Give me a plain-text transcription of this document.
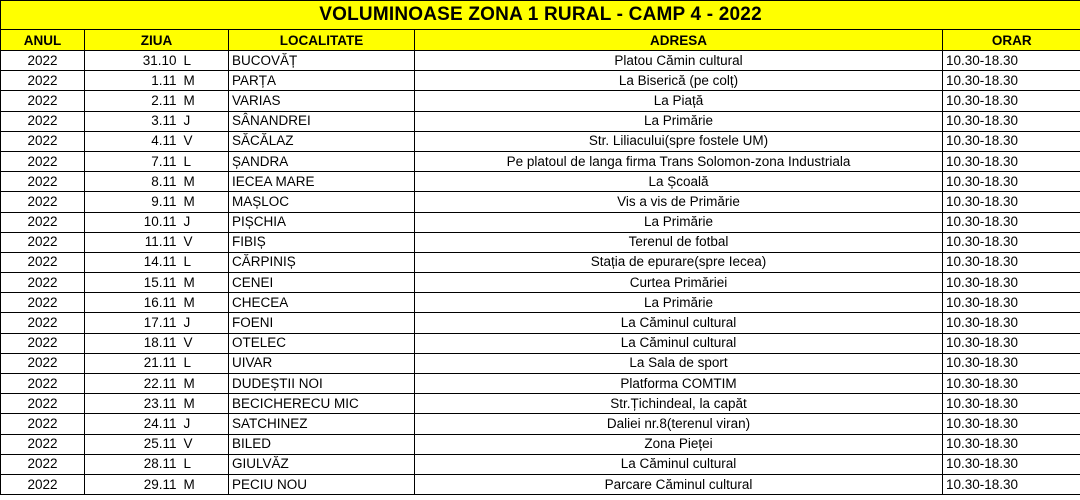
VOLUMINOASE ZONA 1 RURAL - CAMP 4 - 2022					
ANUL	ZIUA		LOCALITATE	ADRESA	ORAR
2022	31.10	L	BUCOVĂȚ	Platou Cămin cultural	10.30-18.30
2022	1.11	M	PARȚA	La Biserică (pe colț)	10.30-18.30
2022	2.11	M	VARIAS	La Piață	10.30-18.30
2022	3.11	J	SÂNANDREI	La Primărie	10.30-18.30
2022	4.11	V	SĂCĂLAZ	Str. Liliacului(spre fostele UM)	10.30-18.30
2022	7.11	L	ȘANDRA	Pe platoul de langa firma Trans Solomon-zona Industriala	10.30-18.30
2022	8.11	M	IECEA MARE	La Școală	10.30-18.30
2022	9.11	M	MAȘLOC	Vis a vis de Primărie	10.30-18.30
2022	10.11	J	PIȘCHIA	La Primărie	10.30-18.30
2022	11.11	V	FIBIȘ	Terenul de fotbal	10.30-18.30
2022	14.11	L	CĂRPINIȘ	Stația de epurare(spre Iecea)	10.30-18.30
2022	15.11	M	CENEI	Curtea Primăriei	10.30-18.30
2022	16.11	M	CHECEA	La Primărie	10.30-18.30
2022	17.11	J	FOENI	La Căminul cultural	10.30-18.30
2022	18.11	V	OTELEC	La Căminul cultural	10.30-18.30
2022	21.11	L	UIVAR	La Sala de sport	10.30-18.30
2022	22.11	M	DUDEȘTII NOI	Platforma COMTIM	10.30-18.30
2022	23.11	M	BECICHERECU MIC	Str.Țichindeal, la capăt	10.30-18.30
2022	24.11	J	SATCHINEZ	Daliei nr.8(terenul viran)	10.30-18.30
2022	25.11	V	BILED	Zona Pieței	10.30-18.30
2022	28.11	L	GIULVĂZ	La Căminul cultural	10.30-18.30
2022	29.11	M	PECIU NOU	Parcare Căminul cultural	10.30-18.30
